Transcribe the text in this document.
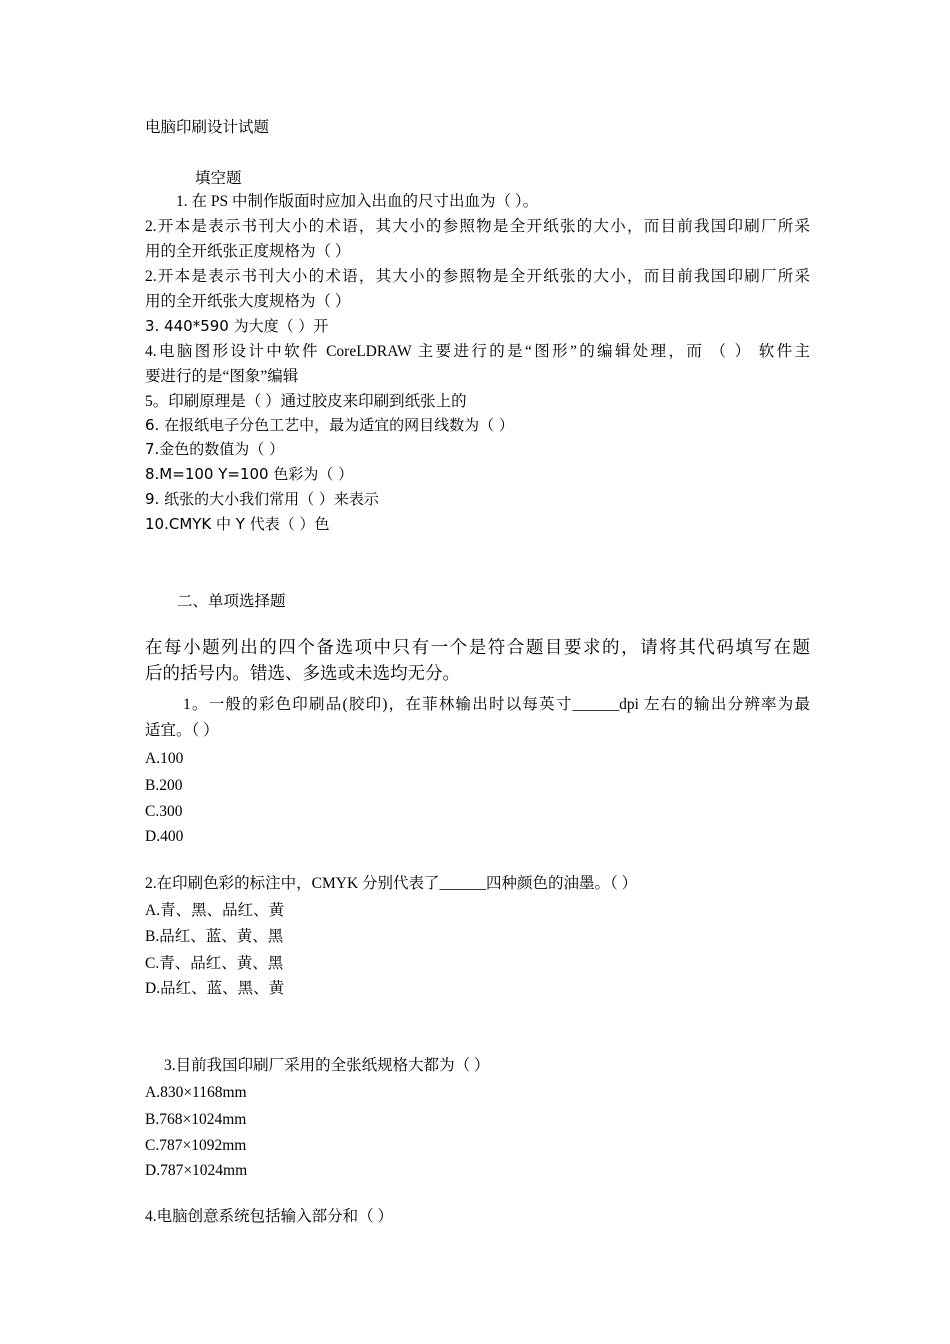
电脑印刷设计试题
填空题
1. 在 PS 中制作版面时应加入出血的尺寸出血为（ ）。
2.开本是表示书刊大小的术语，其大小的参照物是全开纸张的大小，而目前我国印刷厂所采
用的全开纸张正度规格为（ ）
2.开本是表示书刊大小的术语，其大小的参照物是全开纸张的大小，而目前我国印刷厂所采
用的全开纸张大度规格为（ ）
3. 440*590 为大度（ ）开
4.电脑图形设计中软件 CoreLDRAW 主要进行的是“图形”的编辑处理，而 （ ） 软件主
要进行的是“图象”编辑
5。印刷原理是（ ）通过胶皮来印刷到纸张上的
6. 在报纸电子分色工艺中，最为适宜的网目线数为（ ）
7.金色的数值为（ ）
8.M=100 Y=100 色彩为（ ）
9. 纸张的大小我们常用（ ）来表示
10.CMYK 中 Y 代表（ ）色
二、单项选择题
在每小题列出的四个备选项中只有一个是符合题目要求的，请将其代码填写在题
后的括号内。错选、多选或未选均无分。
1。一般的彩色印刷品(胶印)，在菲林输出时以每英寸______dpi 左右的输出分辨率为最
适宜。（ ）
A.100
B.200
C.300
D.400
2.在印刷色彩的标注中，CMYK 分别代表了______四种颜色的油墨。（ ）
A.青、黑、品红、黄
B.品红、蓝、黄、黑
C.青、品红、黄、黑
D.品红、蓝、黑、黄
3.目前我国印刷厂采用的全张纸规格大都为（ ）
A.830×1168mm
B.768×1024mm
C.787×1092mm
D.787×1024mm
4.电脑创意系统包括输入部分和（ ）
